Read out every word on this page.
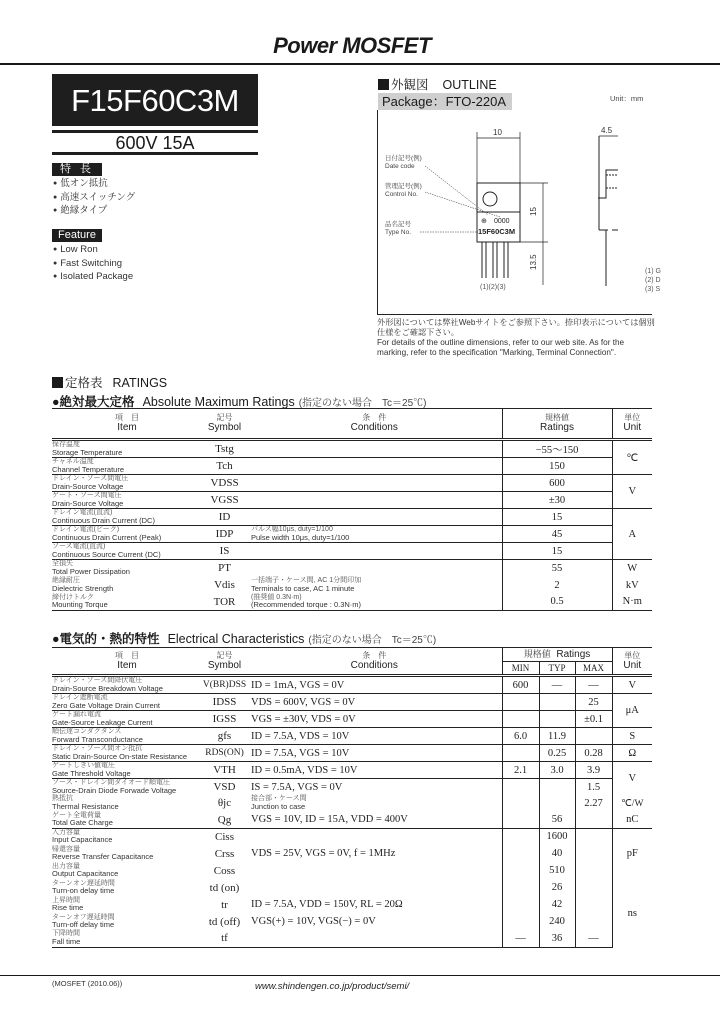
Power MOSFET
F15F60C3M
600V 15A
特 長
● 低オン抵抗
● 高速スイッチング
● 絶縁タイプ
Feature
● Low Ron
● Fast Switching
● Isolated Package
外観図 OUTLINE
Package：FTO-220A	Unit：mm
10
(1)(2)(3)
⊕ 0000
15F60C3M
15
13.5
日付記号(例)
Date code
管理記号(例)
Control No.
品名記号
Type No.
4.5
(1) G
(2) D
(3) S
外形図については弊社Webサイトをご参照下さい。捺印表示については個別仕様をご確認下さい。
For details of the outline dimensions, refer to our web site. As for the marking, refer to the specification "Marking, Terminal Connection".
定格表 RATINGS
●絶対最大定格 Absolute Maximum Ratings (指定のない場合　Tc＝25℃)
項　目
Item	記号
Symbol	条　件
Conditions	規格値
Ratings	単位
Unit

保存温度
Storage Temperature	Tstg		−55～150	℃

チャネル温度
Channel Temperature	Tch		150	

ドレイン・ソース間電圧
Drain-Source Voltage	VDSS		600	V

ゲート・ソース間電圧
Drain-Source Voltage	VGSS		±30	

ドレイン電流(直流)
Continuous Drain Current (DC)	ID		15	A

ドレイン電流(ピーク)
Continuous Drain Current (Peak)	IDP	パルス幅10μs, duty=1/100
Pulse width 10μs, duty=1/100	45	

ソース電流(直流)
Continuous Source Current (DC)	IS		15	

全損失
Total Power Dissipation	PT		55	W

絶縁耐圧
Dielectric Strength	Vdis	一括端子・ケース間, AC 1分間印加
Terminals to case, AC 1 minute	2	kV

締付けトルク
Mounting Torque	TOR	(推奨値 0.3N·m)
(Recommended torque : 0.3N·m)	0.5	N·m
●電気的・熱的特性 Electrical Characteristics (指定のない場合　Tc＝25℃)
項　目
Item	記号
Symbol	条　件
Conditions	規格値 Ratings			単位
Unit
			MIN	TYP	MAX	

ドレイン・ソース間降伏電圧
Drain-Source Breakdown Voltage	V(BR)DSS	ID = 1mA, VGS = 0V	600	—	—	V

ドレイン遮断電流
Zero Gate Voltage Drain Current	IDSS	VDS = 600V, VGS = 0V			25	μA

ゲート漏れ電流
Gate-Source Leakage Current	IGSS	VGS = ±30V, VDS = 0V			±0.1	

順伝達コンダクタンス
Forward Transconductance	gfs	ID = 7.5A, VDS = 10V	6.0	11.9		S

ドレイン・ソース間オン抵抗
Static Drain-Source On-state Resistance	RDS(ON)	ID = 7.5A, VGS = 10V		0.25	0.28	Ω

ゲートしきい値電圧
Gate Threshold Voltage	VTH	ID = 0.5mA, VDS = 10V	2.1	3.0	3.9	V

ソース・ドレイン間ダイオード順電圧
Source-Drain Diode Forwade Voltage	VSD	IS = 7.5A, VGS = 0V			1.5	

熱抵抗
Thermal Resistance	θjc	接合部・ケース間
Junction to case			2.27	℃/W

ゲート全電荷量
Total Gate Charge	Qg	VGS = 10V, ID = 15A, VDD = 400V		56		nC

入力容量
Input Capacitance	Ciss			1600		pF

帰還容量
Reverse Transfer Capacitance	Crss	VDS = 25V, VGS = 0V, f = 1MHz		40		

出力容量
Output Capacitance	Coss			510		

ターンオン遅延時間
Turn-on delay time	td (on)			26		ns

上昇時間
Rise time	tr	ID = 7.5A, VDD = 150V, RL = 20Ω		42		

ターンオフ遅延時間
Turn-off delay time	td (off)	VGS(+) = 10V, VGS(−) = 0V		240		

下降時間
Fall time	tf		—	36	—	
(MOSFET (2010.06))	www.shindengen.co.jp/product/semi/
